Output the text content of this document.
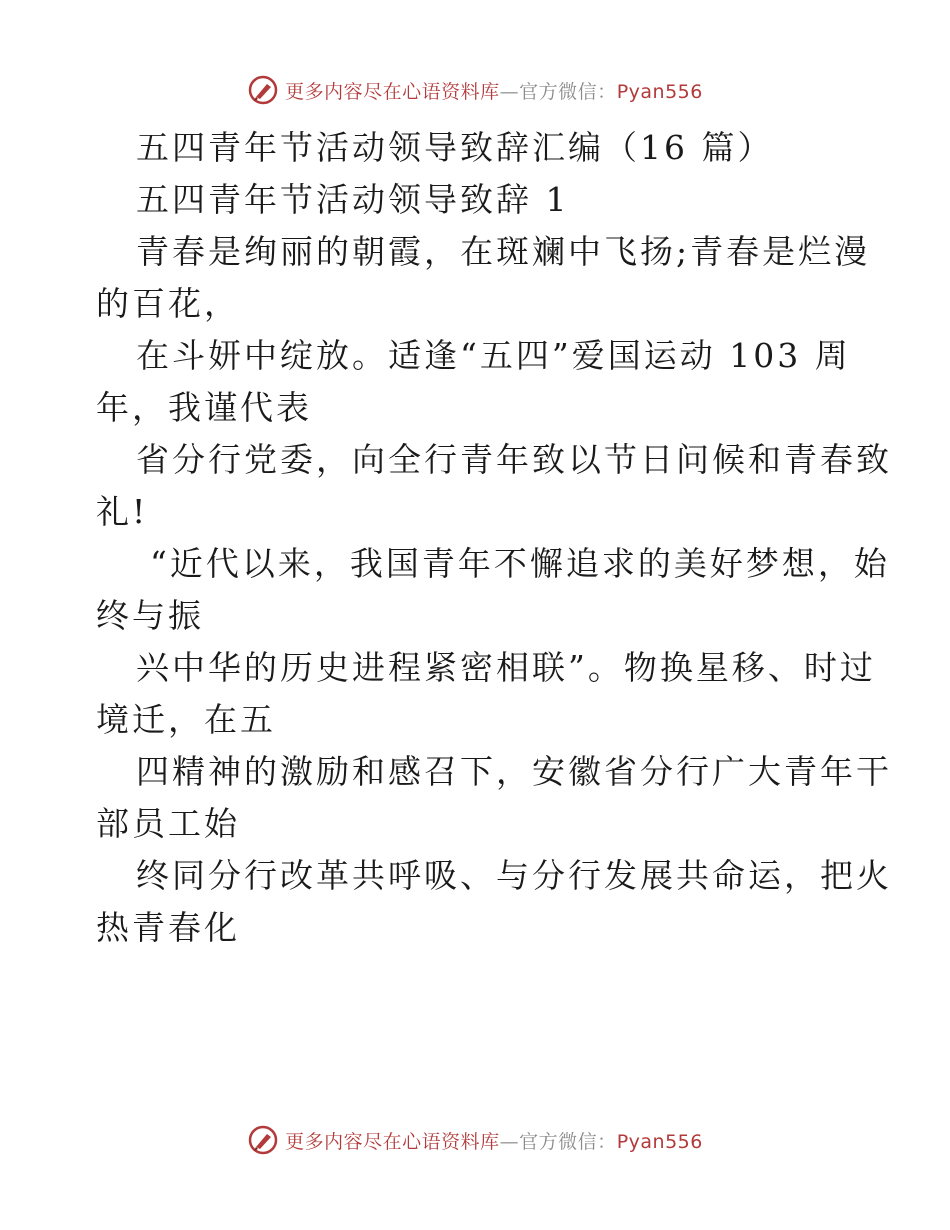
更多内容尽在心语资料库—官方微信：Pyan556
五四青年节活动领导致辞汇编（16 篇）
五四青年节活动领导致辞 1
青春是绚丽的朝霞，在斑斓中飞扬;青春是烂漫
的百花，
在斗妍中绽放。适逢“五四”爱国运动 103 周
年，我谨代表
省分行党委，向全行青年致以节日问候和青春致
礼!
“近代以来，我国青年不懈追求的美好梦想，始
终与振
兴中华的历史进程紧密相联”。物换星移、时过
境迁，在五
四精神的激励和感召下，安徽省分行广大青年干
部员工始
终同分行改革共呼吸、与分行发展共命运，把火
热青春化
更多内容尽在心语资料库—官方微信：Pyan556
